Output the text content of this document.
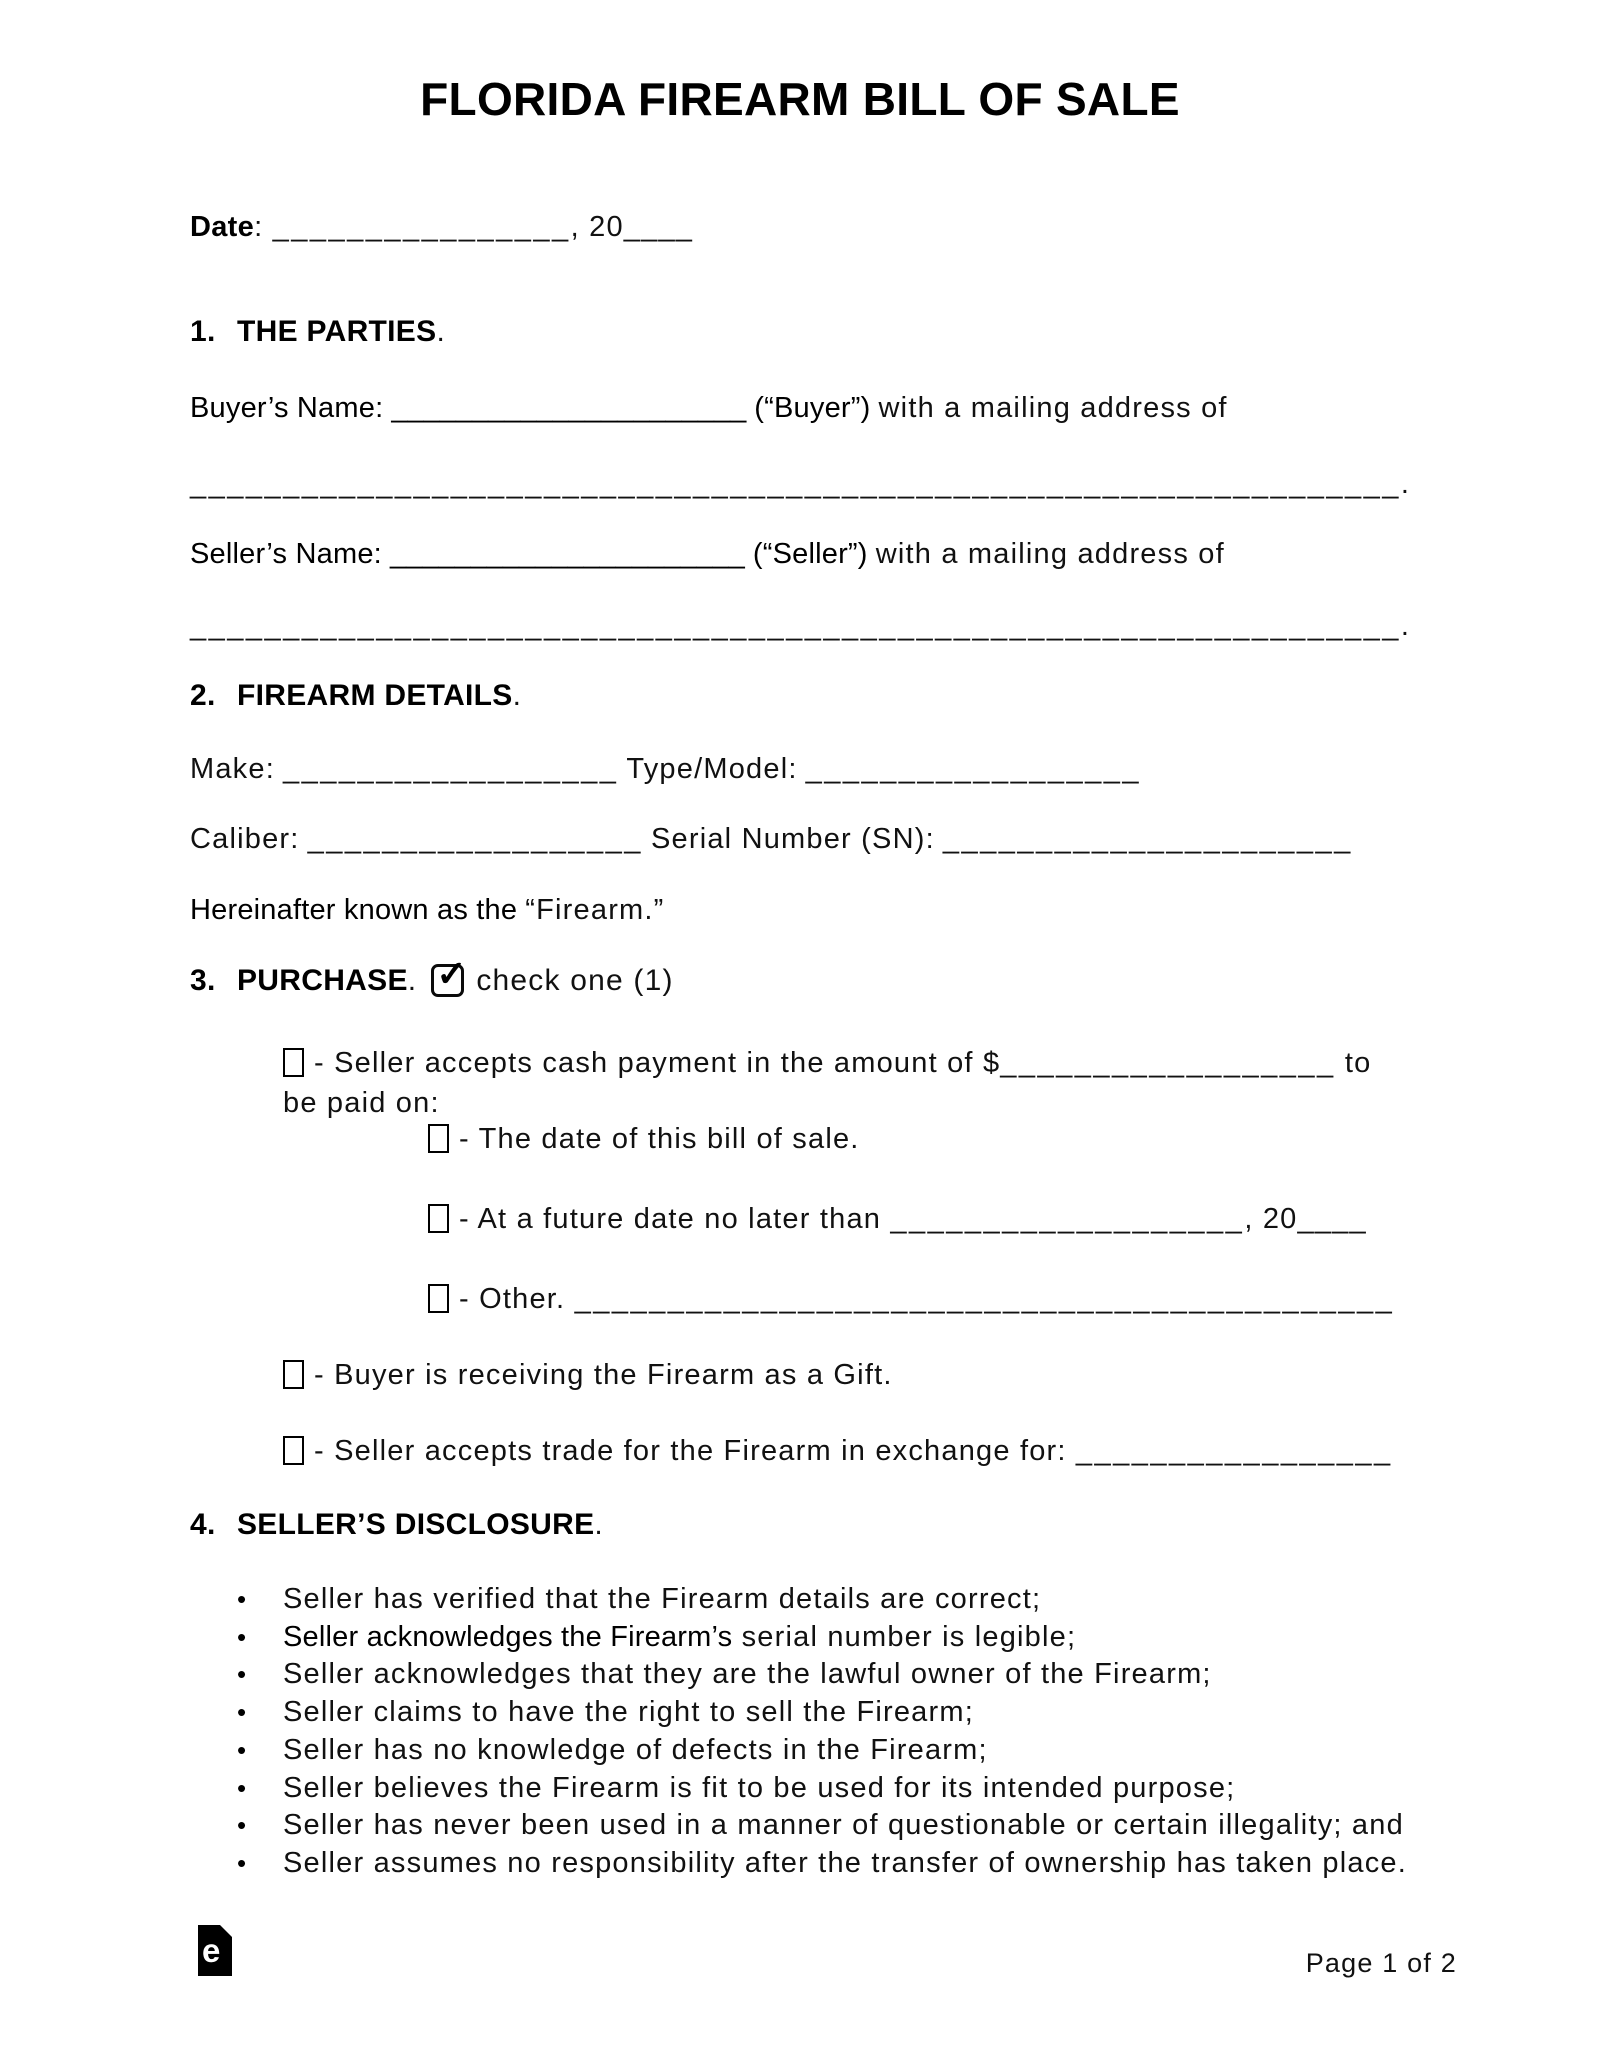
FLORIDA FIREARM BILL OF SALE
Date: ________________, 20____
1. THE PARTIES.
Buyer’s Name: ______________________ (“Buyer”) with a mailing address of
_________________________________________________________________.
Seller’s Name: ______________________ (“Seller”) with a mailing address of
_________________________________________________________________.
2. FIREARM DETAILS.
Make: __________________ Type/Model: __________________
Caliber: __________________ Serial Number (SN): ______________________
Hereinafter known as the “Firearm.”
3. PURCHASE. ✓ check one (1)
- Seller accepts cash payment in the amount of $__________________ to
be paid on:
- The date of this bill of sale.
- At a future date no later than ___________________, 20____
- Other. ____________________________________________
- Buyer is receiving the Firearm as a Gift.
- Seller accepts trade for the Firearm in exchange for: _________________
4. SELLER’S DISCLOSURE.
• Seller has verified that the Firearm details are correct;
• Seller acknowledges the Firearm’s serial number is legible;
• Seller acknowledges that they are the lawful owner of the Firearm;
• Seller claims to have the right to sell the Firearm;
• Seller has no knowledge of defects in the Firearm;
• Seller believes the Firearm is fit to be used for its intended purpose;
• Seller has never been used in a manner of questionable or certain illegality; and
• Seller assumes no responsibility after the transfer of ownership has taken place.
e	Page 1 of 2
